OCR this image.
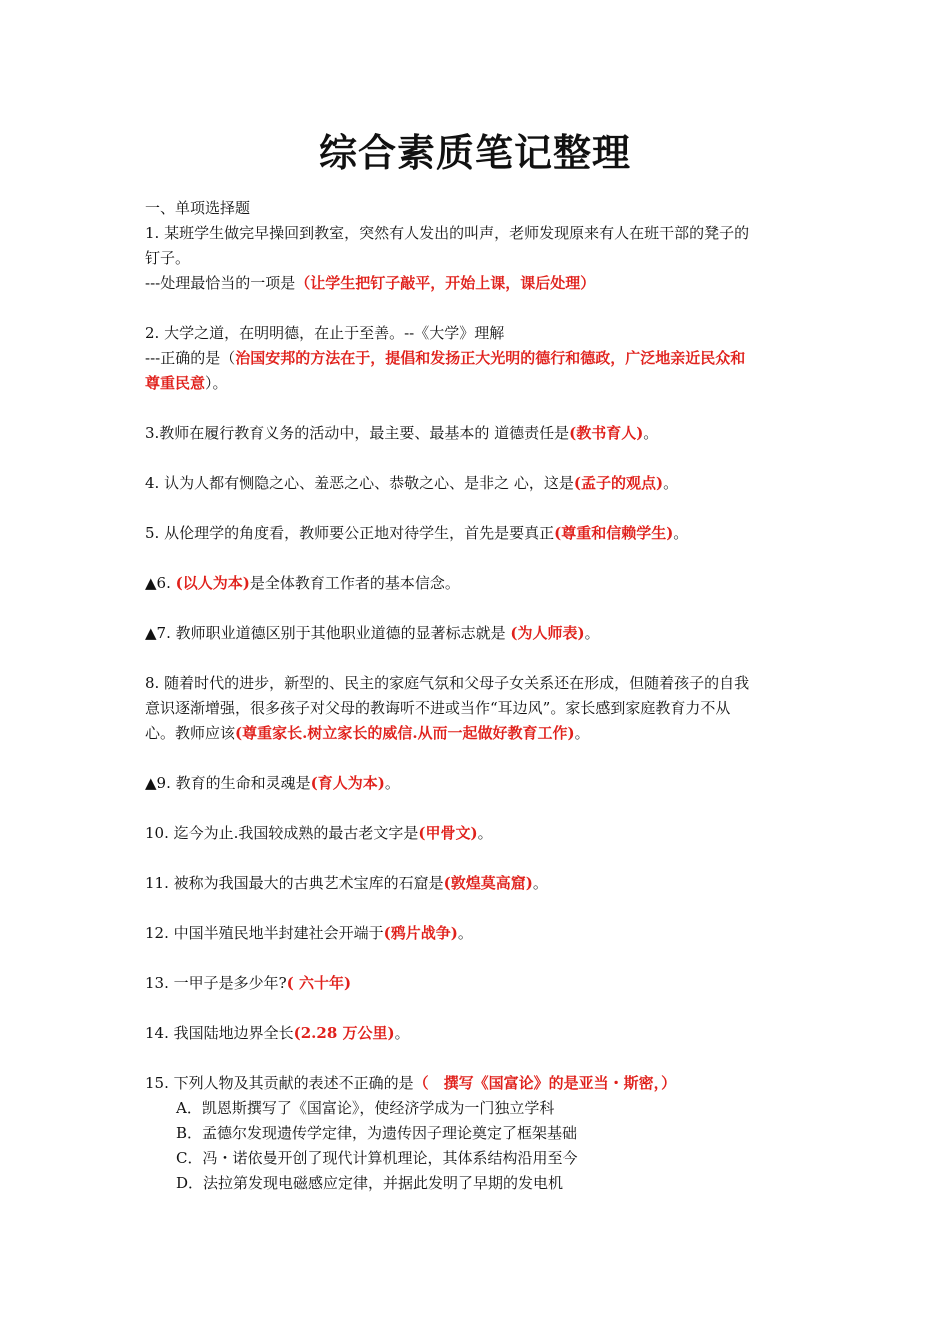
综合素质笔记整理

一、单项选择题

1. 某班学生做完早操回到教室，突然有人发出的叫声，老师发现原来有人在班干部的凳子的

钉子。

---处理最恰当的一项是（让学生把钉子敲平，开始上课，课后处理）

2. 大学之道，在明明德，在止于至善。--《大学》理解

---正确的是（治国安邦的方法在于，提倡和发扬正大光明的德行和德政，广泛地亲近民众和

尊重民意）。

3.教师在履行教育义务的活动中，最主要、最基本的 道德责任是(教书育人)。

4. 认为人都有恻隐之心、羞恶之心、恭敬之心、是非之 心，这是(孟子的观点)。

5. 从伦理学的角度看，教师要公正地对待学生，首先是要真正(尊重和信赖学生)。

▲6. (以人为本)是全体教育工作者的基本信念。

▲7. 教师职业道德区别于其他职业道德的显著标志就是 (为人师表)。

8. 随着时代的进步，新型的、民主的家庭气氛和父母子女关系还在形成，但随着孩子的自我

意识逐渐增强，很多孩子对父母的教诲听不进或当作“耳边风”。家长感到家庭教育力不从

心。教师应该(尊重家长.树立家长的威信.从而一起做好教育工作)。

▲9. 教育的生命和灵魂是(育人为本)。

10. 迄今为止.我国较成熟的最古老文字是(甲骨文)。

11. 被称为我国最大的古典艺术宝库的石窟是(敦煌莫高窟)。

12. 中国半殖民地半封建社会开端于(鸦片战争)。

13. 一甲子是多少年?( 六十年)

14. 我国陆地边界全长(2.28 万公里)。

15. 下列人物及其贡献的表述不正确的是（　撰写《国富论》的是亚当・斯密，）

A．凯恩斯撰写了《国富论》，使经济学成为一门独立学科

B．孟德尔发现遗传学定律，为遗传因子理论奠定了框架基础

C．冯・诺依曼开创了现代计算机理论，其体系结构沿用至今

D．法拉第发现电磁感应定律，并据此发明了早期的发电机
